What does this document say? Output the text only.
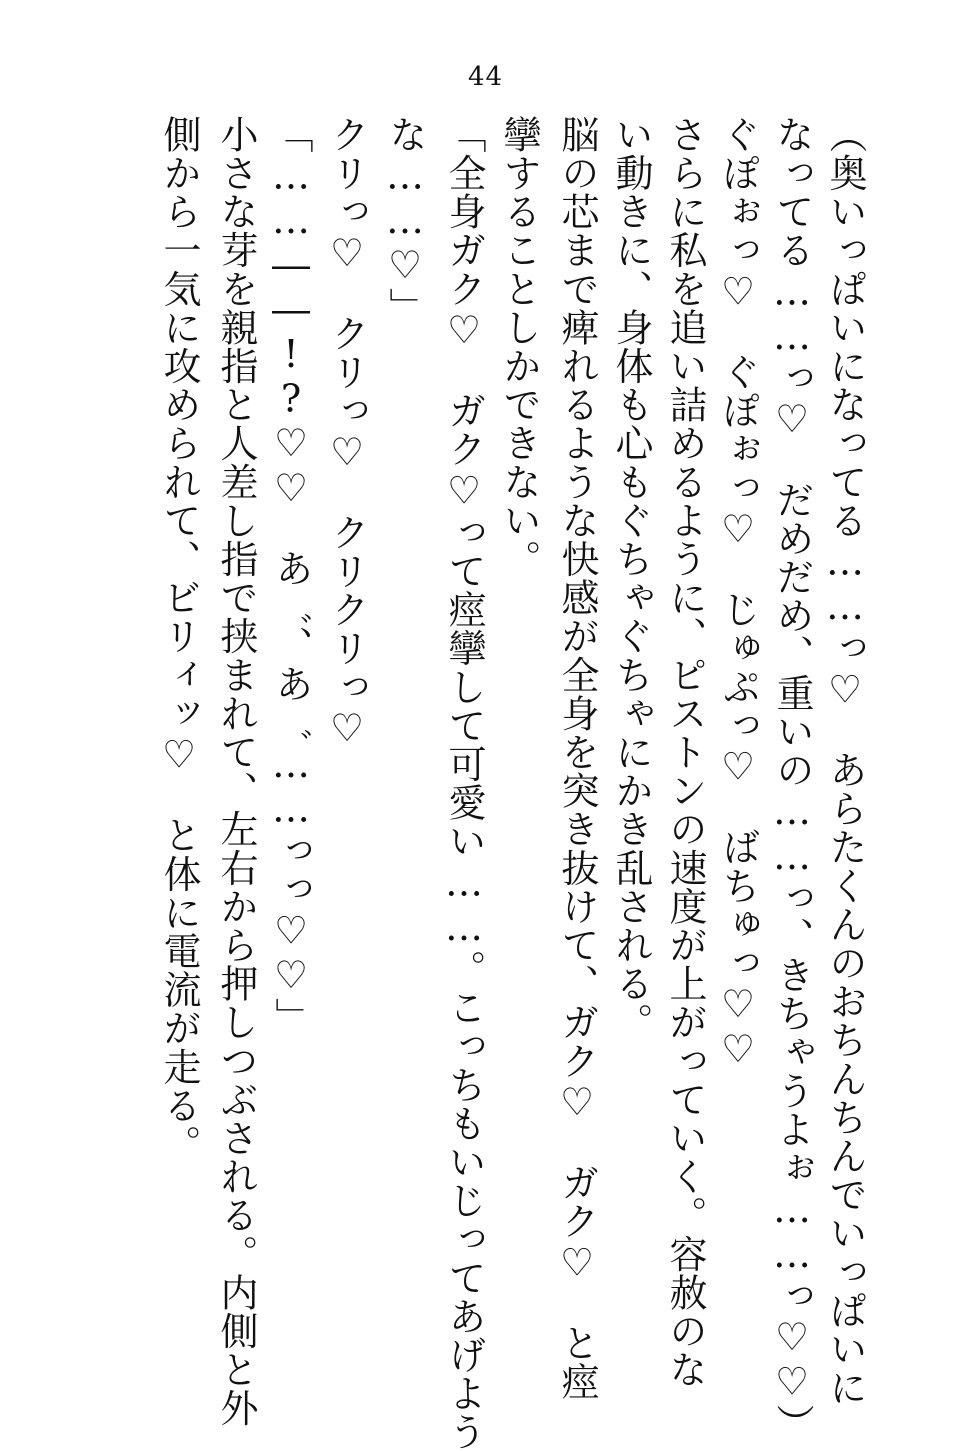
44
（奥いっぱいになってる……っ♡　あらたくんのおちんちんでいっぱいに
なってる……っ♡　だめだめ、重いの……っ、きちゃうよぉ……っ♡♡）
ぐぽぉっ♡　ぐぽぉっ♡　じゅぷっ♡　ばちゅっ♡♡
さらに私を追い詰めるように、ピストンの速度が上がっていく。容赦のな
い動きに、身体も心もぐちゃぐちゃにかき乱される。
脳の芯まで痺れるような快感が全身を突き抜けて、ガク♡　ガク♡　と痙
攣することしかできない。
「全身ガク♡　ガク♡って痙攣して可愛い……。こっちもいじってあげよう
な……♡」
クリっ♡　クリっ♡　クリクリっ♡
「……――!?♡♡　あ゛、あ゛……っっ♡♡」
小さな芽を親指と人差し指で挟まれて、左右から押しつぶされる。内側と外
側から一気に攻められて、ビリィッ♡　と体に電流が走る。
